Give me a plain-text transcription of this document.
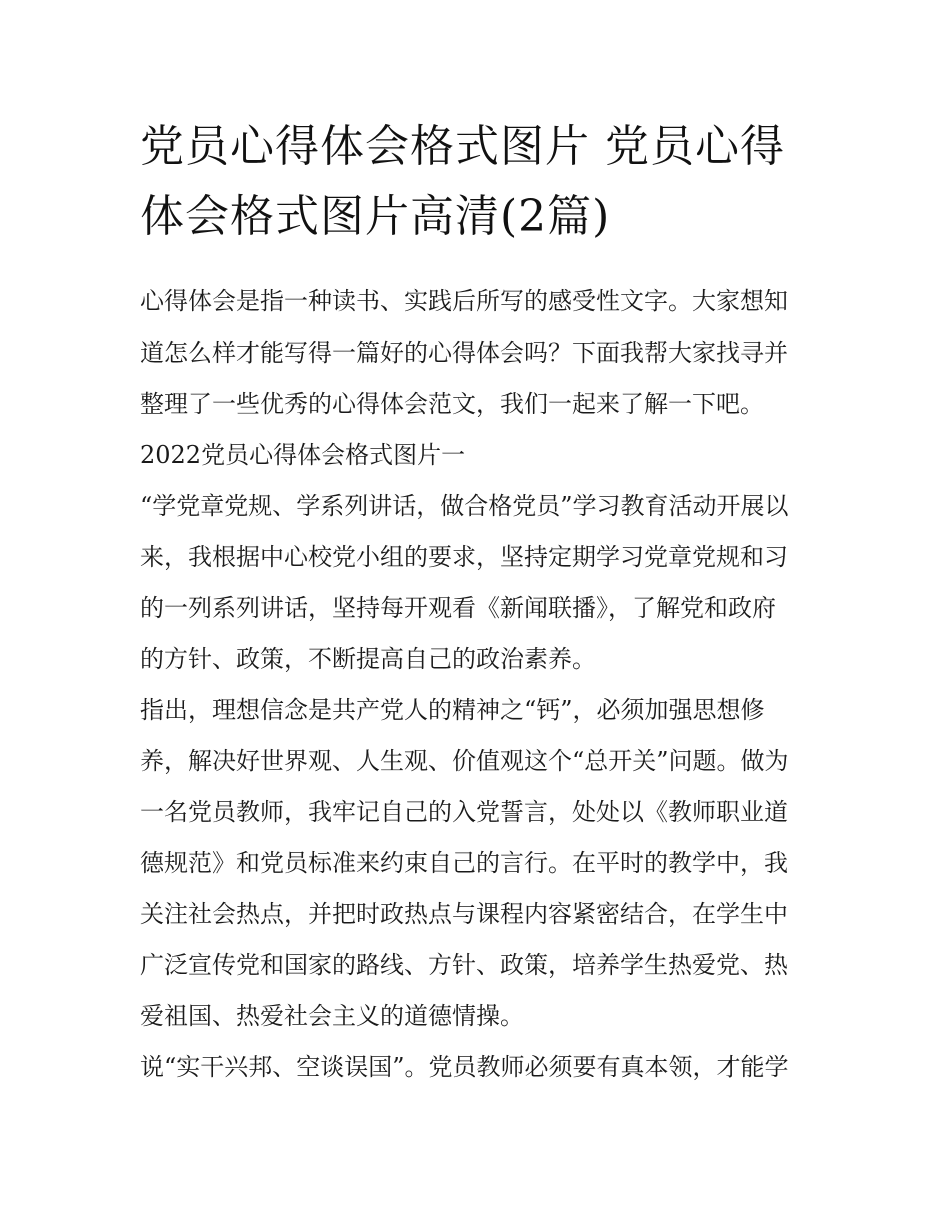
党员心得体会格式图片 党员心得体会格式图片高清(2篇)

心得体会是指一种读书、实践后所写的感受性文字。大家想知

道怎么样才能写得一篇好的心得体会吗？下面我帮大家找寻并

整理了一些优秀的心得体会范文，我们一起来了解一下吧。

2022党员心得体会格式图片一

“学党章党规、学系列讲话，做合格党员”学习教育活动开展以

来，我根据中心校党小组的要求，坚持定期学习党章党规和习

的一列系列讲话，坚持每开观看《新闻联播》，了解党和政府

的方针、政策，不断提高自己的政治素养。

指出，理想信念是共产党人的精神之“钙”，必须加强思想修

养，解决好世界观、人生观、价值观这个“总开关”问题。做为

一名党员教师，我牢记自己的入党誓言，处处以《教师职业道

德规范》和党员标准来约束自己的言行。在平时的教学中，我

关注社会热点，并把时政热点与课程内容紧密结合，在学生中

广泛宣传党和国家的路线、方针、政策，培养学生热爱党、热

爱祖国、热爱社会主义的道德情操。

说“实干兴邦、空谈误国”。党员教师必须要有真本领，才能学
